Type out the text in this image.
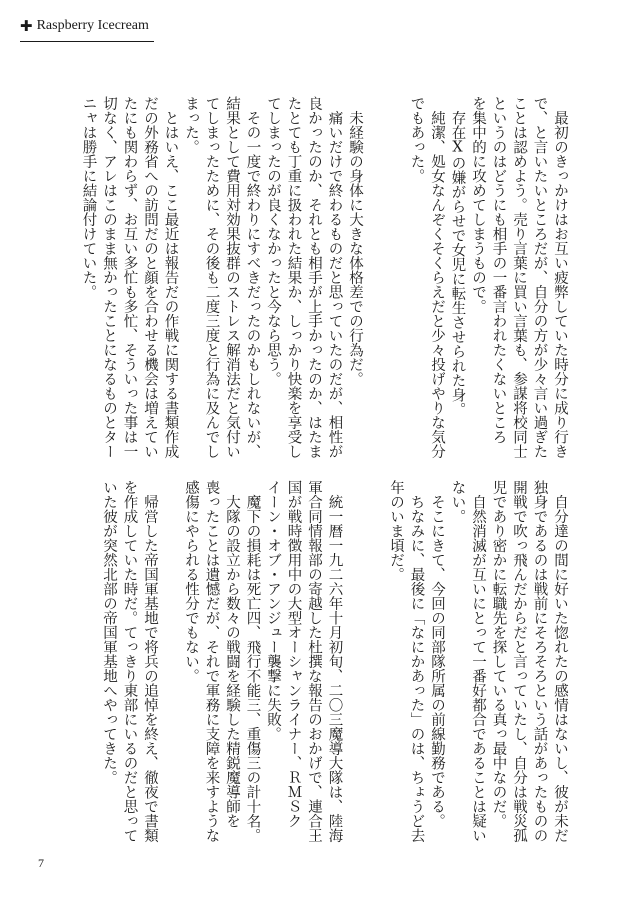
✚ Raspberry Icecream
　最初のきっかけはお互い疲弊していた時分に成り行き
で、と言いたいところだが、自分の方が少々言い過ぎた
ことは認めよう。売り言葉に買い言葉も、参謀将校同士
というのはどうにも相手の一番言われたくないところ
を集中的に攻めてしまうもので。
　存在Xの嫌がらせで女児に転生させられた身。
　純潔、処女なんぞくそくらえだと少々投げやりな気分
でもあった。

　未経験の身体に大きな体格差での行為だ。
　痛いだけで終わるものだと思っていたのだが、相性が
良かったのか、それとも相手が上手かったのか、はたま
たとても丁重に扱われた結果か、しっかり快楽を享受し
てしまったのが良くなかったと今なら思う。
　その一度で終わりにすべきだったのかもしれないが、
結果として費用対効果抜群のストレス解消法だと気付い
てしまったために、その後も二度三度と行為に及んでし
まった。
　とはいえ、ここ最近は報告だの作戦に関する書類作成
だの外務省への訪問だのと顔を合わせる機会は増えてい
たにも関わらず、お互い多忙も多忙、そういった事は一
切なく、アレはこのまま無かったことになるものとター
ニャは勝手に結論付けていた。
　自分達の間に好いた惚れたの感情はないし、彼が未だ
独身であるのは戦前にそろそろという話があったものの
開戦で吹っ飛んだからだと言っていたし、自分は戦災孤
児であり密かに転職先を探している真っ最中なのだ。
　自然消滅が互いにとって一番好都合であることは疑い
ない。
　そこにきて、今回の同部隊所属の前線勤務である。
　ちなみに、最後に「なにかあった」のは、ちょうど去
年のいま頃だ。

　統一暦一九二六年十月初旬、二〇三魔導大隊は、陸海
軍合同情報部の寄越した杜撰な報告のおかげで、連合王
国が戦時徴用中の大型オーシャンライナー、ＲＭＳク
イーン・オブ・アンジュー襲撃に失敗。
　魔下の損耗は死亡四、飛行不能三、重傷三の計十名。
　大隊の設立から数々の戦闘を経験した精鋭魔導師を
喪ったことは遺憾だが、それで軍務に支障を来すような
感傷にやられる性分でもない。

　帰営した帝国軍基地で将兵の追悼を終え、徹夜で書類
を作成していた時だ。てっきり東部にいるのだと思って
いた彼が突然北部の帝国軍基地へやってきた。
7
